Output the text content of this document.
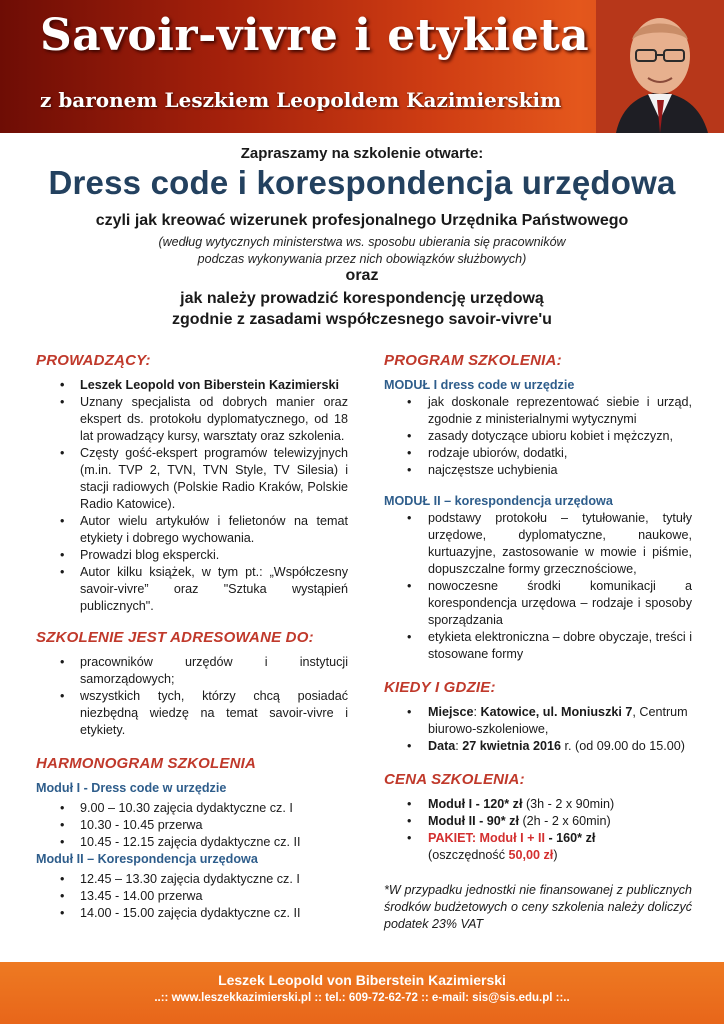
Savoir-vivre i etykieta
z baronem Leszkiem Leopoldem Kazimierskim
Zapraszamy na szkolenie otwarte:
Dress code i korespondencja urzędowa
czyli jak kreować wizerunek profesjonalnego Urzędnika Państwowego
(według wytycznych ministerstwa ws. sposobu ubierania się pracowników
podczas wykonywania przez nich obowiązków służbowych)
oraz
jak należy prowadzić korespondencję urzędową
zgodnie z zasadami współczesnego savoir-vivre'u
PROWADZĄCY:
• Leszek Leopold von Biberstein Kazimierski
• Uznany specjalista od dobrych manier oraz ekspert ds. protokołu dyplomatycznego, od 18 lat prowadzący kursy, warsztaty oraz szkolenia.
• Częsty gość-ekspert programów telewizyjnych (m.in. TVP 2, TVN, TVN Style, TV Silesia) i stacji radiowych (Polskie Radio Kraków, Polskie Radio Katowice).
• Autor wielu artykułów i felietonów na temat etykiety i dobrego wychowania.
• Prowadzi blog ekspercki.
• Autor kilku książek, w tym pt.: „Współczesny savoir-vivre” oraz "Sztuka wystąpień publicznych".
SZKOLENIE JEST ADRESOWANE DO:
• pracowników urzędów i instytucji samorządowych;
• wszystkich tych, którzy chcą posiadać niezbędną wiedzę na temat savoir-vivre i etykiety.
HARMONOGRAM SZKOLENIA
Moduł I - Dress code w urzędzie
• 9.00 – 10.30 zajęcia dydaktyczne cz. I
• 10.30 - 10.45 przerwa
• 10.45 - 12.15 zajęcia dydaktyczne cz. II
Moduł II – Korespondencja urzędowa
• 12.45 – 13.30 zajęcia dydaktyczne cz. I
• 13.45 - 14.00 przerwa
• 14.00 - 15.00 zajęcia dydaktyczne cz. II
PROGRAM SZKOLENIA:
MODUŁ I dress code w urzędzie
• jak doskonale reprezentować siebie i urząd, zgodnie z ministerialnymi wytycznymi
• zasady dotyczące ubioru kobiet i mężczyzn,
• rodzaje ubiorów, dodatki,
• najczęstsze uchybienia
MODUŁ II – korespondencja urzędowa
• podstawy protokołu – tytułowanie, tytuły urzędowe, dyplomatyczne, naukowe, kurtuazyjne, zastosowanie w mowie i piśmie, dopuszczalne formy grzecznościowe,
• nowoczesne środki komunikacji a korespondencja urzędowa – rodzaje i sposoby sporządzania
• etykieta elektroniczna – dobre obyczaje, treści i stosowane formy
KIEDY I GDZIE:
• Miejsce: Katowice, ul. Moniuszki 7, Centrum biurowo-szkoleniowe,
• Data: 27 kwietnia 2016 r. (od 09.00 do 15.00)
CENA SZKOLENIA:
• Moduł I - 120* zł (3h - 2 x 90min)
• Moduł II - 90* zł (2h - 2 x 60min)
• PAKIET: Moduł I + II - 160* zł
(oszczędność 50,00 zł)
*W przypadku jednostki nie finansowanej z publicznych środków budżetowych o ceny szkolenia należy doliczyć podatek 23% VAT
Leszek Leopold von Biberstein Kazimierski
..:: www.leszekkazimierski.pl :: tel.: 609-72-62-72 :: e-mail: sis@sis.edu.pl ::..
